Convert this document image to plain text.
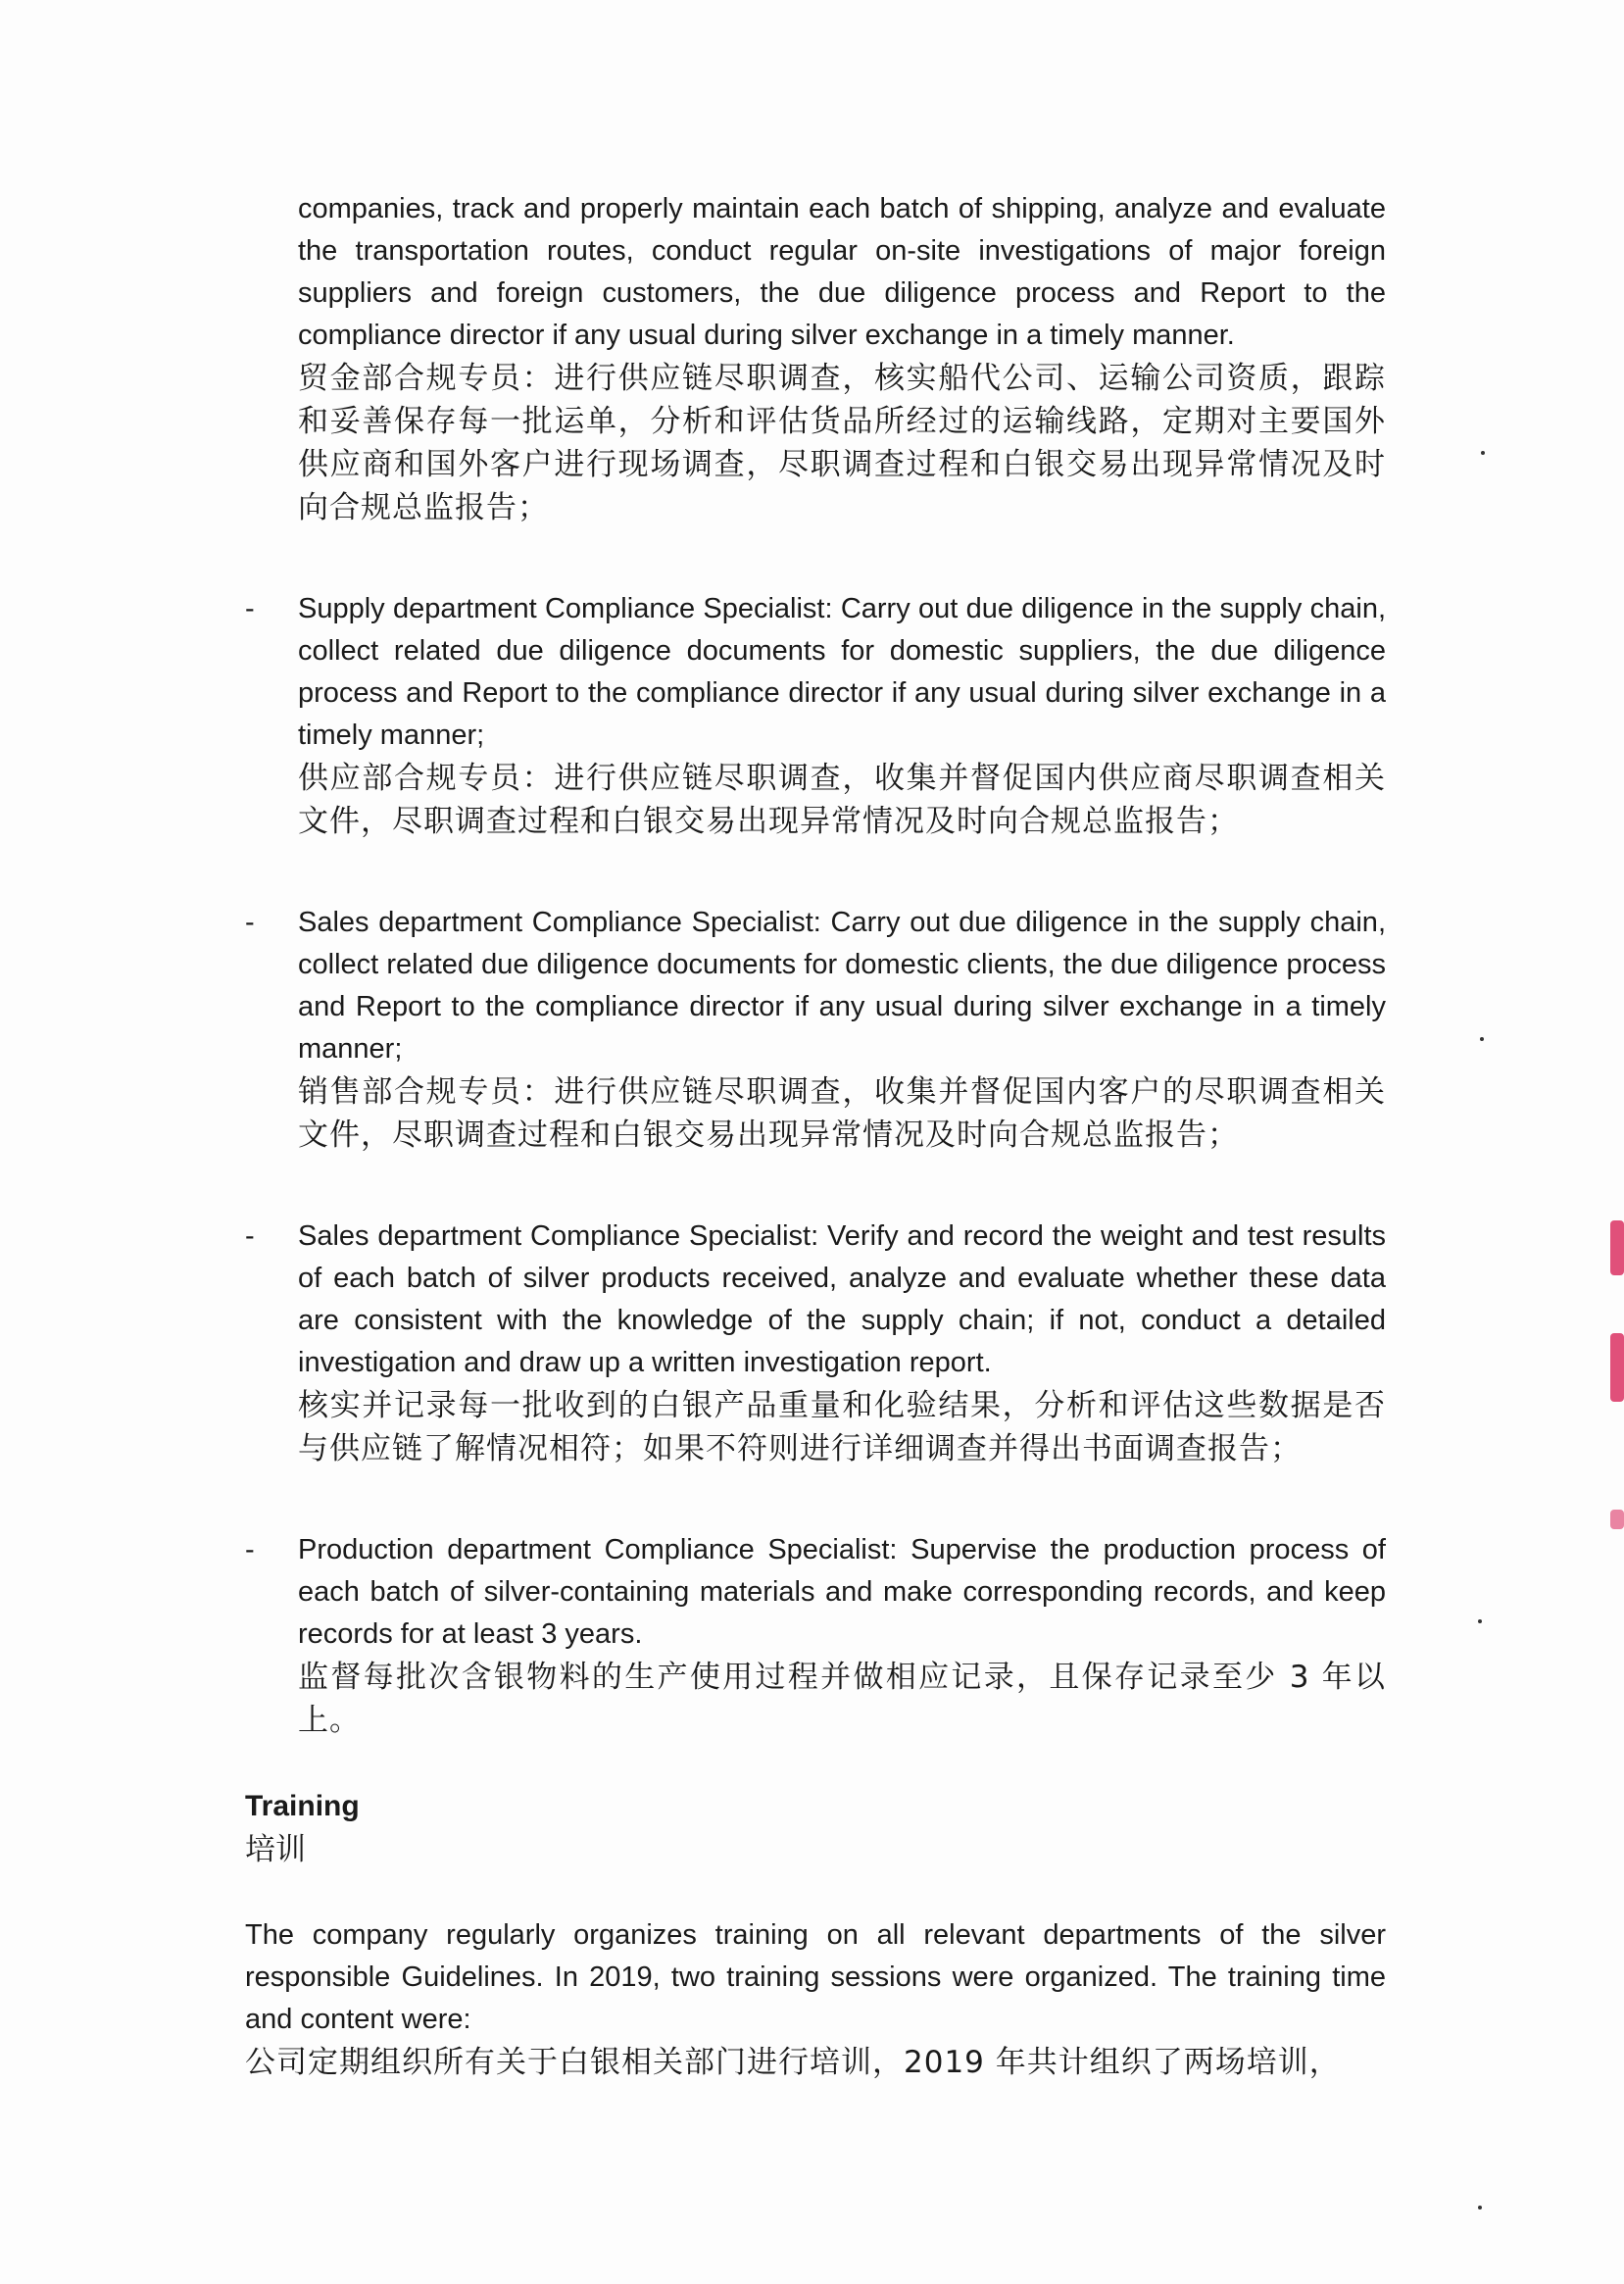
companies, track and properly maintain each batch of shipping, analyze and evaluate the transportation routes, conduct regular on-site investigations of major foreign suppliers and foreign customers, the due diligence process and Report to the compliance director if any usual during silver exchange in a timely manner.

贸金部合规专员：进行供应链尽职调查，核实船代公司、运输公司资质，跟踪和妥善保存每一批运单，分析和评估货品所经过的运输线路，定期对主要国外供应商和国外客户进行现场调查，尽职调查过程和白银交易出现异常情况及时向合规总监报告；

- Supply department Compliance Specialist: Carry out due diligence in the supply chain, collect related due diligence documents for domestic suppliers, the due diligence process and Report to the compliance director if any usual during silver exchange in a timely manner;

供应部合规专员：进行供应链尽职调查，收集并督促国内供应商尽职调查相关文件，尽职调查过程和白银交易出现异常情况及时向合规总监报告；

- Sales department Compliance Specialist: Carry out due diligence in the supply chain, collect related due diligence documents for domestic clients, the due diligence process and Report to the compliance director if any usual during silver exchange in a timely manner;

销售部合规专员：进行供应链尽职调查，收集并督促国内客户的尽职调查相关文件，尽职调查过程和白银交易出现异常情况及时向合规总监报告；

- Sales department Compliance Specialist: Verify and record the weight and test results of each batch of silver products received, analyze and evaluate whether these data are consistent with the knowledge of the supply chain; if not, conduct a detailed investigation and draw up a written investigation report.

核实并记录每一批收到的白银产品重量和化验结果，分析和评估这些数据是否与供应链了解情况相符；如果不符则进行详细调查并得出书面调查报告；

- Production department Compliance Specialist: Supervise the production process of each batch of silver-containing materials and make corresponding records, and keep records for at least 3 years.

监督每批次含银物料的生产使用过程并做相应记录，且保存记录至少 3 年以上。

Training

培训

The company regularly organizes training on all relevant departments of the silver responsible Guidelines. In 2019, two training sessions were organized. The training time and content were:

公司定期组织所有关于白银相关部门进行培训，2019 年共计组织了两场培训，
